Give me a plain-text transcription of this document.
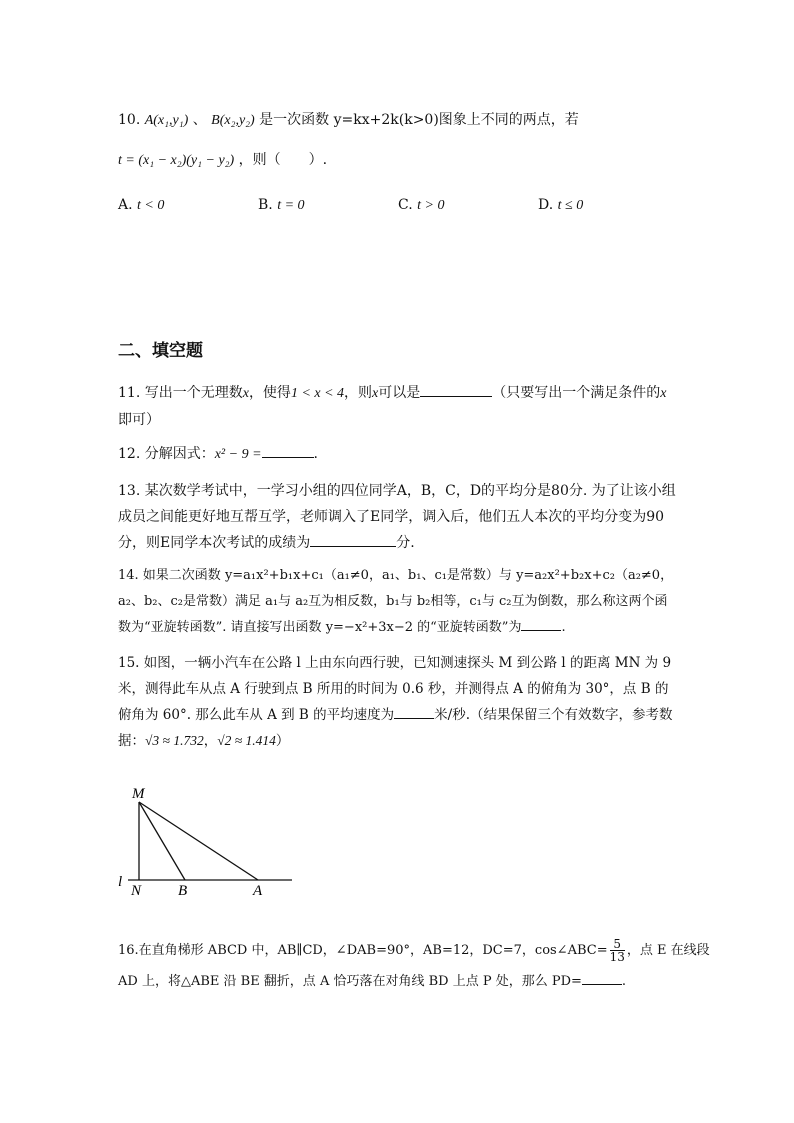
10. A(x₁,y₁) 、 B(x₂,y₂) 是一次函数 y=kx+2k(k>0)图象上不同的两点，若
t = (x₁ − x₂)(y₁ − y₂) ，则（　　）.
A. t < 0	B. t = 0	C. t > 0	D. t ≤ 0
二、填空题
11. 写出一个无理数x，使得1 < x < 4，则x可以是	（只要写出一个满足条件的x即可）
12. 分解因式：x² − 9 =	.
13. 某次数学考试中，一学习小组的四位同学A，B，C，D的平均分是80分. 为了让该小组成员之间能更好地互帮互学，老师调入了E同学，调入后，他们五人本次的平均分变为90分，则E同学本次考试的成绩为	分.
14. 如果二次函数 y=a₁x²+b₁x+c₁（a₁≠0，a₁、b₁、c₁是常数）与 y=a₂x²+b₂x+c₂（a₂≠0，a₂、b₂、c₂是常数）满足 a₁与 a₂互为相反数，b₁与 b₂相等，c₁与 c₂互为倒数，那么称这两个函数为“亚旋转函数”. 请直接写出函数 y=−x²+3x−2 的“亚旋转函数”为	.
15. 如图，一辆小汽车在公路 l 上由东向西行驶，已知测速探头 M 到公路 l 的距离 MN 为 9 米，测得此车从点 A 行驶到点 B 所用的时间为 0.6 秒，并测得点 A 的俯角为 30°，点 B 的俯角为 60°. 那么此车从 A 到 B 的平均速度为	米/秒.（结果保留三个有效数字，参考数据：√3 ≈ 1.732，√2 ≈ 1.414）
M
l
N B	A
16.在直角梯形 ABCD 中，AB∥CD，∠DAB=90°，AB=12，DC=7，cos∠ABC= $\frac{5}{13}$ ，点 E 在线段
AD 上，将△ABE 沿 BE 翻折，点 A 恰巧落在对角线 BD 上点 P 处，那么 PD=	.
